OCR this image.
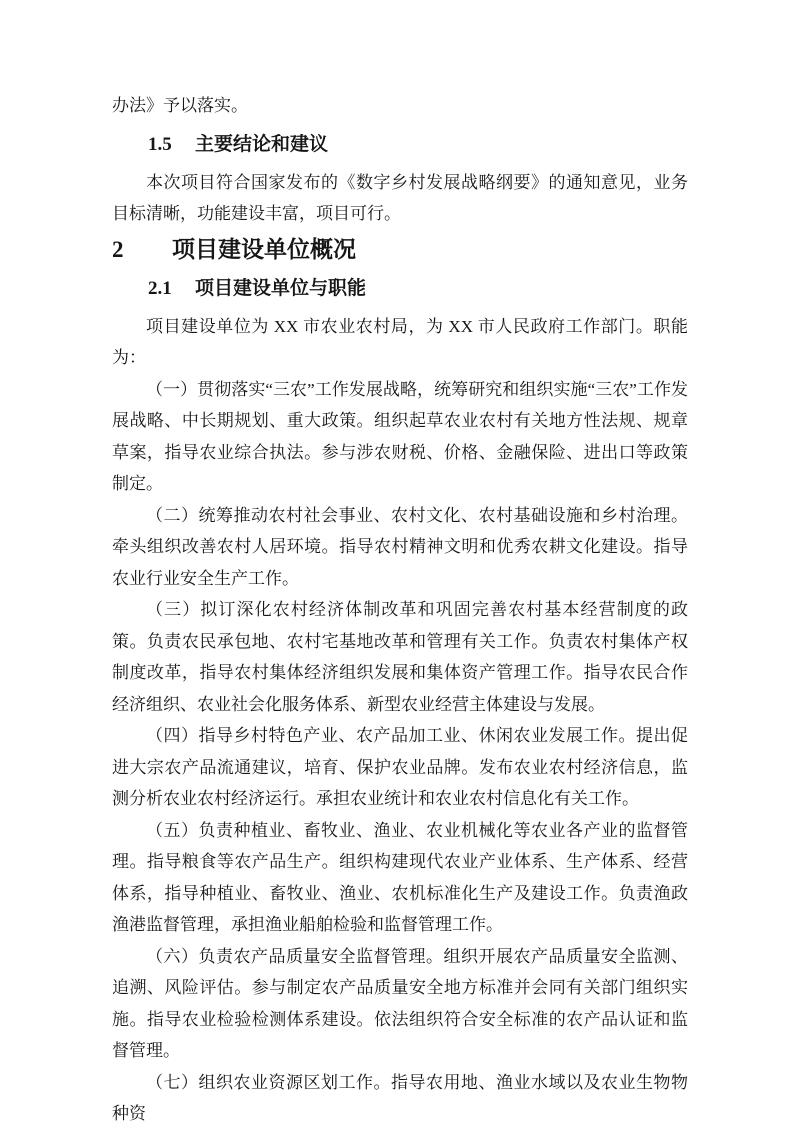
办法》予以落实。

1.5	主要结论和建议

本次项目符合国家发布的《数字乡村发展战略纲要》的通知意见，业务目标清晰，功能建设丰富，项目可行。

2	项目建设单位概况
2.1	项目建设单位与职能

项目建设单位为 XX 市农业农村局，为 XX 市人民政府工作部门。职能为：

（一）贯彻落实“三农”工作发展战略，统筹研究和组织实施“三农”工作发展战略、中长期规划、重大政策。组织起草农业农村有关地方性法规、规章草案，指导农业综合执法。参与涉农财税、价格、金融保险、进出口等政策制定。

（二）统筹推动农村社会事业、农村文化、农村基础设施和乡村治理。牵头组织改善农村人居环境。指导农村精神文明和优秀农耕文化建设。指导农业行业安全生产工作。

（三）拟订深化农村经济体制改革和巩固完善农村基本经营制度的政策。负责农民承包地、农村宅基地改革和管理有关工作。负责农村集体产权制度改革，指导农村集体经济组织发展和集体资产管理工作。指导农民合作经济组织、农业社会化服务体系、新型农业经营主体建设与发展。

（四）指导乡村特色产业、农产品加工业、休闲农业发展工作。提出促进大宗农产品流通建议，培育、保护农业品牌。发布农业农村经济信息，监测分析农业农村经济运行。承担农业统计和农业农村信息化有关工作。

（五）负责种植业、畜牧业、渔业、农业机械化等农业各产业的监督管理。指导粮食等农产品生产。组织构建现代农业产业体系、生产体系、经营体系，指导种植业、畜牧业、渔业、农机标准化生产及建设工作。负责渔政渔港监督管理，承担渔业船舶检验和监督管理工作。

（六）负责农产品质量安全监督管理。组织开展农产品质量安全监测、追溯、风险评估。参与制定农产品质量安全地方标准并会同有关部门组织实施。指导农业检验检测体系建设。依法组织符合安全标准的农产品认证和监督管理。

（七）组织农业资源区划工作。指导农用地、渔业水域以及农业生物物种资
